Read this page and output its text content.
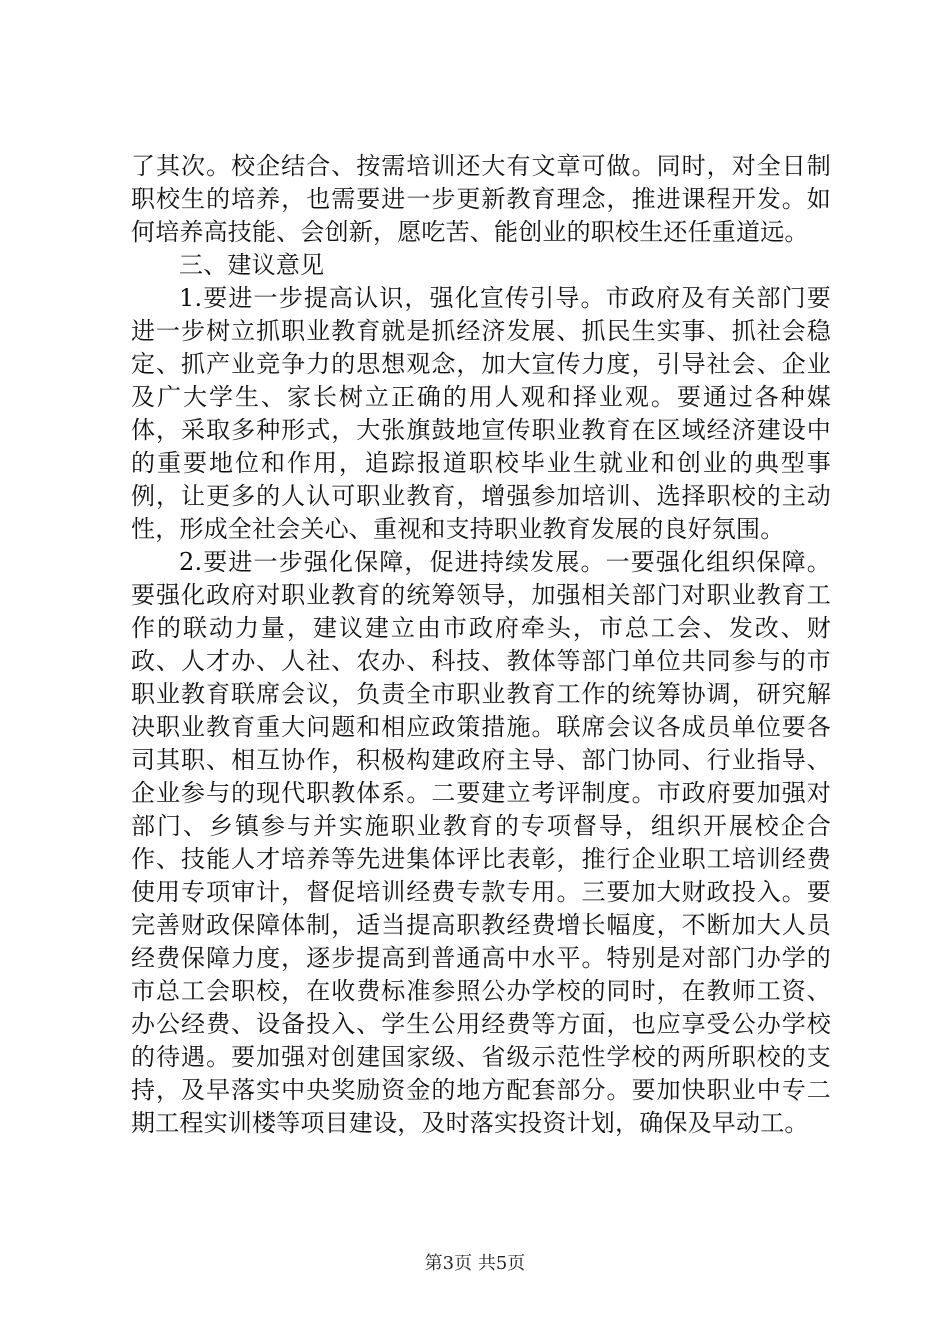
了其次。校企结合、按需培训还大有文章可做。同时，对全日制职校生的培养，也需要进一步更新教育理念，推进课程开发。如何培养高技能、会创新，愿吃苦、能创业的职校生还任重道远。

三、建议意见

1.要进一步提高认识，强化宣传引导。市政府及有关部门要进一步树立抓职业教育就是抓经济发展、抓民生实事、抓社会稳定、抓产业竞争力的思想观念，加大宣传力度，引导社会、企业及广大学生、家长树立正确的用人观和择业观。要通过各种媒体，采取多种形式，大张旗鼓地宣传职业教育在区域经济建设中的重要地位和作用，追踪报道职校毕业生就业和创业的典型事例，让更多的人认可职业教育，增强参加培训、选择职校的主动性，形成全社会关心、重视和支持职业教育发展的良好氛围。

2.要进一步强化保障，促进持续发展。一要强化组织保障。要强化政府对职业教育的统筹领导，加强相关部门对职业教育工作的联动力量，建议建立由市政府牵头，市总工会、发改、财政、人才办、人社、农办、科技、教体等部门单位共同参与的市职业教育联席会议，负责全市职业教育工作的统筹协调，研究解决职业教育重大问题和相应政策措施。联席会议各成员单位要各司其职、相互协作，积极构建政府主导、部门协同、行业指导、企业参与的现代职教体系。二要建立考评制度。市政府要加强对部门、乡镇参与并实施职业教育的专项督导，组织开展校企合作、技能人才培养等先进集体评比表彰，推行企业职工培训经费使用专项审计，督促培训经费专款专用。三要加大财政投入。要完善财政保障体制，适当提高职教经费增长幅度，不断加大人员经费保障力度，逐步提高到普通高中水平。特别是对部门办学的市总工会职校，在收费标准参照公办学校的同时，在教师工资、办公经费、设备投入、学生公用经费等方面，也应享受公办学校的待遇。要加强对创建国家级、省级示范性学校的两所职校的支持，及早落实中央奖励资金的地方配套部分。要加快职业中专二期工程实训楼等项目建设，及时落实投资计划，确保及早动工。

第3页 共5页
